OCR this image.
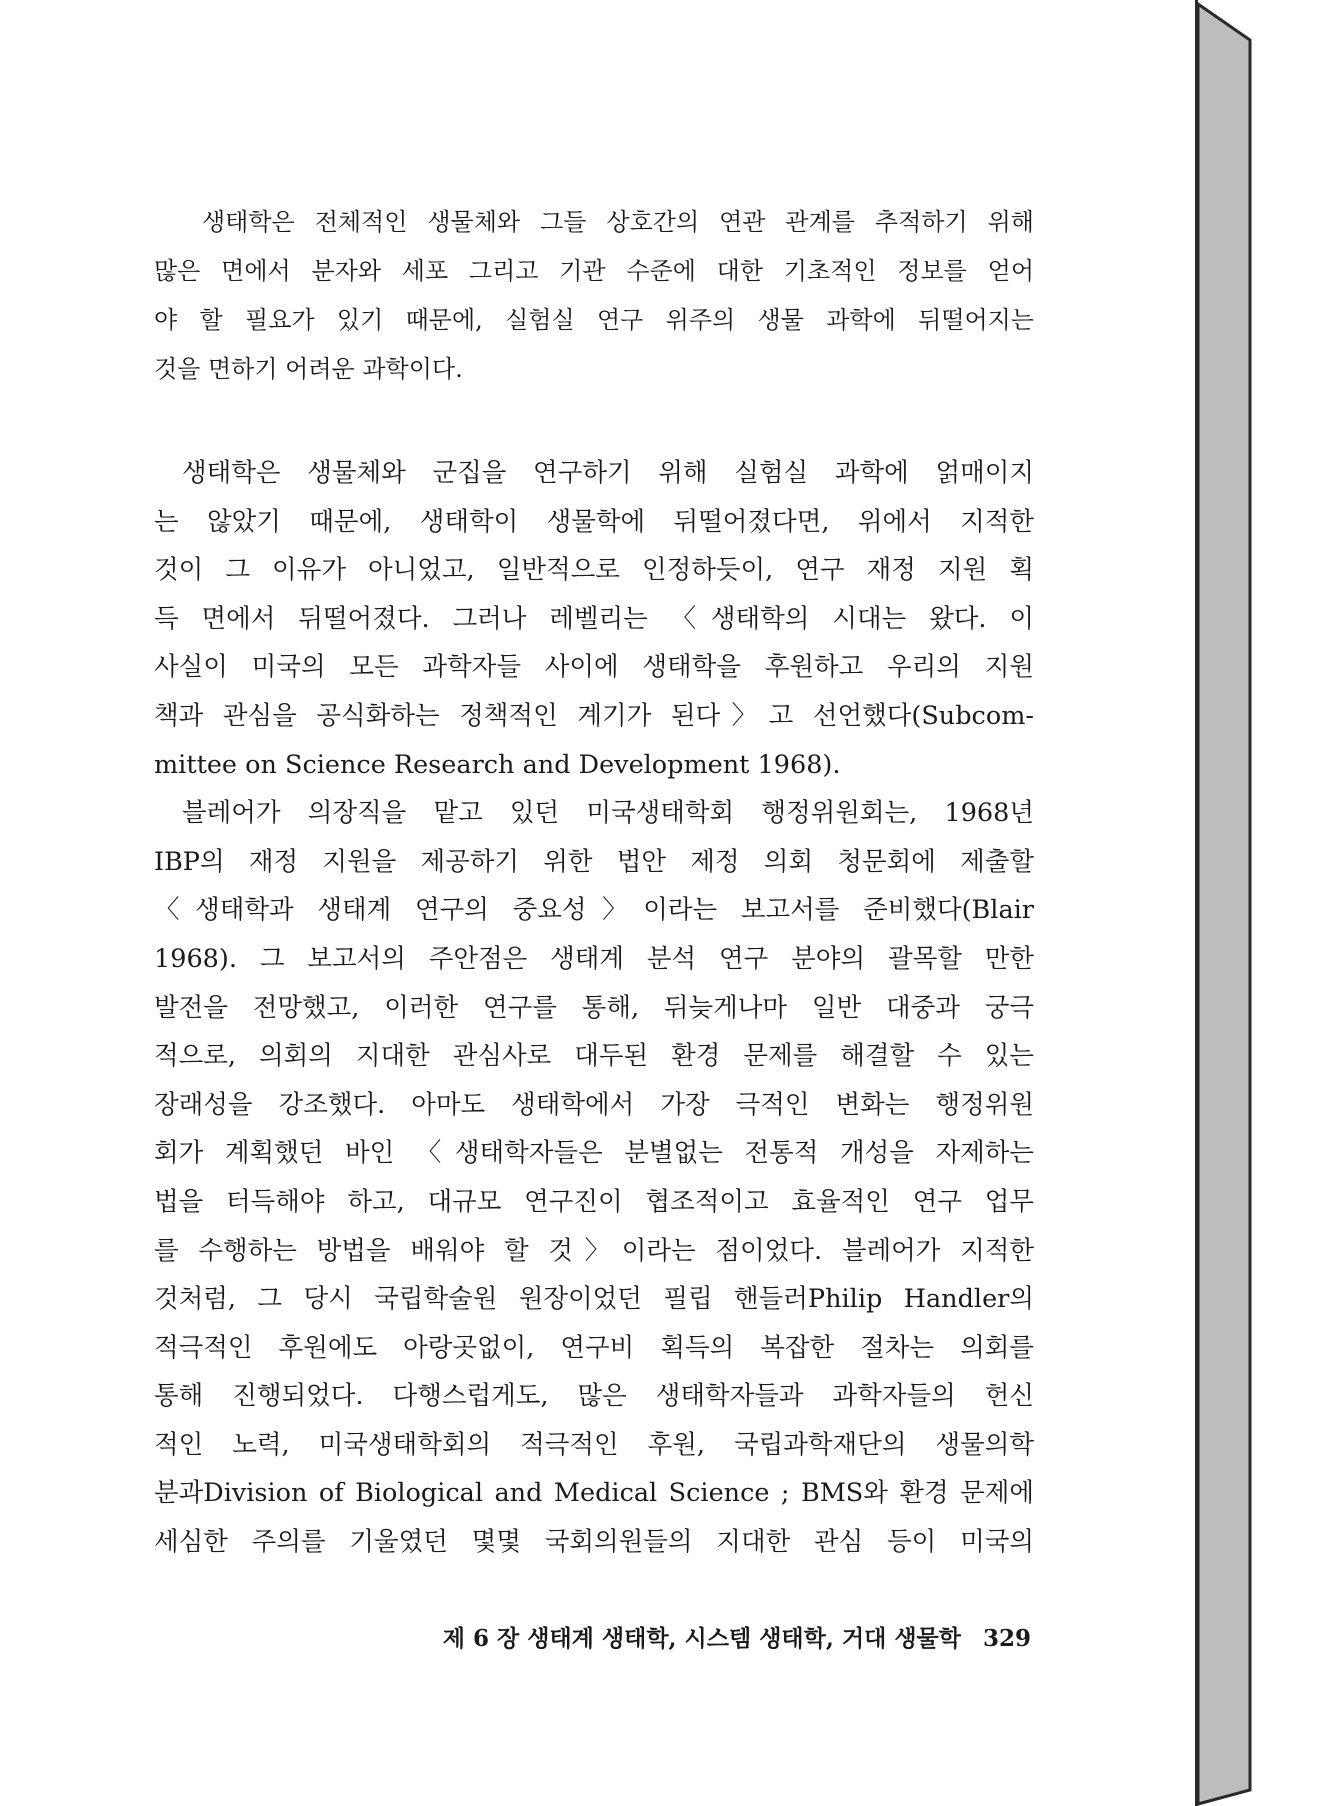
생태학은 전체적인 생물체와 그들 상호간의 연관 관계를 추적하기 위해
많은 면에서 분자와 세포 그리고 기관 수준에 대한 기초적인 정보를 얻어
야 할 필요가 있기 때문에, 실험실 연구 위주의 생물 과학에 뒤떨어지는
것을 면하기 어려운 과학이다.
생태학은 생물체와 군집을 연구하기 위해 실험실 과학에 얽매이지
는 않았기 때문에, 생태학이 생물학에 뒤떨어졌다면, 위에서 지적한
것이 그 이유가 아니었고, 일반적으로 인정하듯이, 연구 재정 지원 획
득 면에서 뒤떨어졌다. 그러나 레벨리는 〈생태학의 시대는 왔다. 이
사실이 미국의 모든 과학자들 사이에 생태학을 후원하고 우리의 지원
책과 관심을 공식화하는 정책적인 계기가 된다〉고 선언했다(Subcom-
mittee on Science Research and Development 1968).
블레어가 의장직을 맡고 있던 미국생태학회 행정위원회는, 1968년
IBP의 재정 지원을 제공하기 위한 법안 제정 의회 청문회에 제출할
〈생태학과 생태계 연구의 중요성〉이라는 보고서를 준비했다(Blair
1968). 그 보고서의 주안점은 생태계 분석 연구 분야의 괄목할 만한
발전을 전망했고, 이러한 연구를 통해, 뒤늦게나마 일반 대중과 궁극
적으로, 의회의 지대한 관심사로 대두된 환경 문제를 해결할 수 있는
장래성을 강조했다. 아마도 생태학에서 가장 극적인 변화는 행정위원
회가 계획했던 바인 〈생태학자들은 분별없는 전통적 개성을 자제하는
법을 터득해야 하고, 대규모 연구진이 협조적이고 효율적인 연구 업무
를 수행하는 방법을 배워야 할 것〉이라는 점이었다. 블레어가 지적한
것처럼, 그 당시 국립학술원 원장이었던 필립 핸들러Philip Handler의
적극적인 후원에도 아랑곳없이, 연구비 획득의 복잡한 절차는 의회를
통해 진행되었다. 다행스럽게도, 많은 생태학자들과 과학자들의 헌신
적인 노력, 미국생태학회의 적극적인 후원, 국립과학재단의 생물의학
분과Division of Biological and Medical Science ; BMS와 환경 문제에
세심한 주의를 기울였던 몇몇 국회의원들의 지대한 관심 등이 미국의
제 6 장 생태계 생태학, 시스템 생태학, 거대 생물학 329
